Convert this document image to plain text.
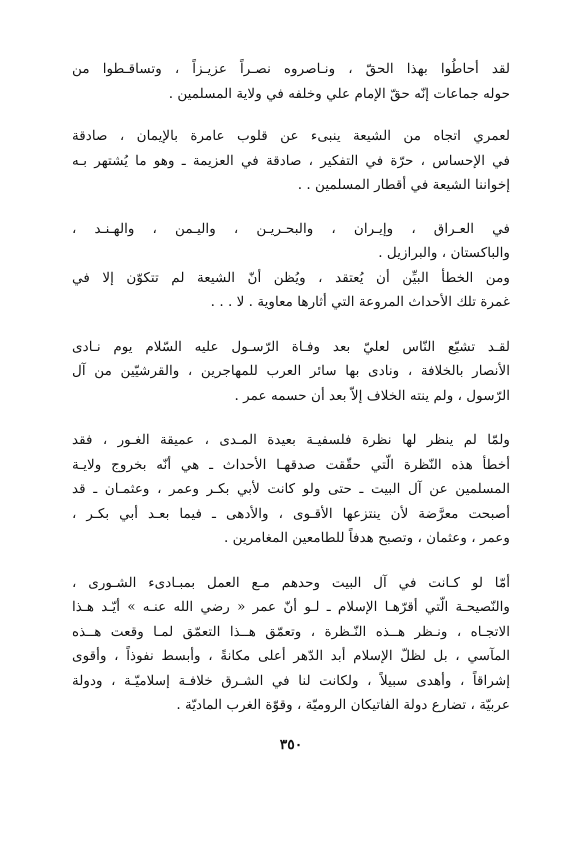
لقد أحاطُوا بهذا الحقّ ، ونـاصروه نصـراً عزيـزاً ، وتساقـطوا من
حوله جماعات إنّه حقّ الإمام علي وخلفه في ولاية المسلمين .
لعمري اتجاه من الشيعة ينبىء عن قلوب عامرة بالإيمان ، صادقة
في الإحساس ، حرّة في التفكير ، صادقة في العزيمة ـ وهو ما يُشتهر بـه
إخواننا الشيعة في أقطار المسلمين . .
في العـراق ، وإيـران ، والبحـريـن ، واليـمن ، والهـنـد ،
والباكستان ، والبرازيل .
ومن الخطأ البيِّن أن يُعتقد ، ويُظن أنّ الشيعة لم تتكوّن إلا في
غمرة تلك الأحداث المروعة التي أثارها معاوية . لا . . .
لقـد تشيّع النّاس لعليّ بعد وفـاة الرّسـول عليه السّلام يوم نـادى
الأنصار بالخلافة ، ونادى بها سائر العرب للمهاجرين ، والقرشيّين من آل
الرّسول ، ولم ينته الخلاف إلاّ بعد أن حسمه عمر .
ولمّا لم ينظر لها نظرة فلسفيـة بعيدة المـدى ، عميقة الغـور ، فقد
أخطأ هذه النّظرة الّتي حقّقت صدقهـا الأحداث ـ هي أنّه بخروج ولايـة
المسلمين عن آل البيت ـ حتى ولو كانت لأبي بكـر وعمر ، وعثمـان ـ قد
أصبحت معرَّضة لأن ينتزعها الأقـوى ، والأدهى ـ فيما بعـد أبي بكـر ،
وعمر ، وعثمان ، وتصبح هدفاً للطامعين المغامرين .
أمّا لو كـانت في آل البيت وحدهم مـع العمل بمبـادىء الشـورى ،
والنّصيحـة الّتي أقرّهـا الإسلام ـ لـو أنّ عمر « رضي الله عنـه » أيّـد هـذا
الاتجـاه ، ونـظر هــذه النّـظرة ، وتعمّق هــذا التعمّق لمـا وقعت هــذه
المآسي ، بل لظلّ الإسلام أبد الدّهر أعلى مكانةً ، وأبسط نفوذاً ، وأقوى
إشراقاً ، وأهدى سبيلاً ، ولكانت لنا في الشـرق خلافـة إسلاميّـة ، ودولة
عربيّة ، تضارع دولة الفاتيكان الروميّة ، وقوّة الغرب الماديّة .
٣٥٠
